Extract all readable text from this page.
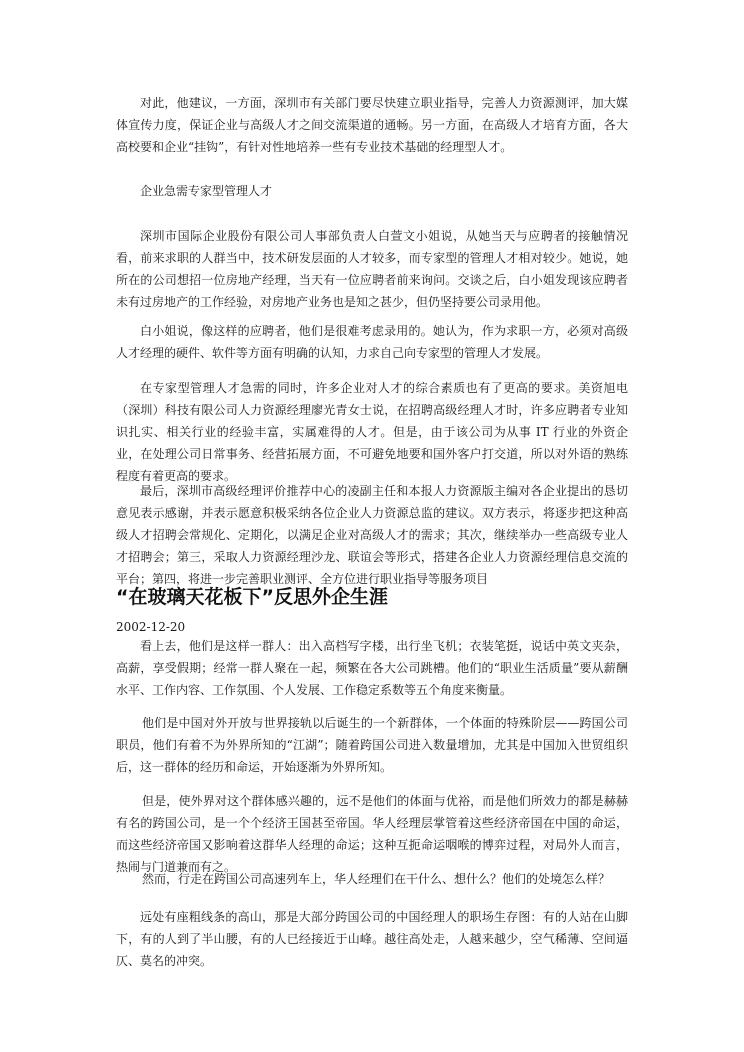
对此，他建议，一方面，深圳市有关部门要尽快建立职业指导，完善人力资源测评，加大媒体宣传力度，保证企业与高级人才之间交流渠道的通畅。另一方面，在高级人才培育方面，各大高校要和企业“挂钩”，有针对性地培养一些有专业技术基础的经理型人才。

企业急需专家型管理人才

深圳市国际企业股份有限公司人事部负责人白萱文小姐说，从她当天与应聘者的接触情况看，前来求职的人群当中，技术研发层面的人才较多，而专家型的管理人才相对较少。她说，她所在的公司想招一位房地产经理，当天有一位应聘者前来询问。交谈之后，白小姐发现该应聘者未有过房地产的工作经验，对房地产业务也是知之甚少，但仍坚持要公司录用他。

白小姐说，像这样的应聘者，他们是很难考虑录用的。她认为，作为求职一方，必须对高级人才经理的硬件、软件等方面有明确的认知，力求自己向专家型的管理人才发展。

在专家型管理人才急需的同时，许多企业对人才的综合素质也有了更高的要求。美资旭电（深圳）科技有限公司人力资源经理廖光青女士说，在招聘高级经理人才时，许多应聘者专业知识扎实、相关行业的经验丰富，实属难得的人才。但是，由于该公司为从事 IT 行业的外资企业，在处理公司日常事务、经营拓展方面，不可避免地要和国外客户打交道，所以对外语的熟练程度有着更高的要求。

最后，深圳市高级经理评价推荐中心的凌副主任和本报人力资源版主编对各企业提出的恳切意见表示感谢，并表示愿意积极采纳各位企业人力资源总监的建议。双方表示，将逐步把这种高级人才招聘会常规化、定期化，以满足企业对高级人才的需求；其次，继续举办一些高级专业人才招聘会；第三，采取人力资源经理沙龙、联谊会等形式，搭建各企业人力资源经理信息交流的平台；第四，将进一步完善职业测评、全方位进行职业指导等服务项目

“在玻璃天花板下”反思外企生涯

2002-12-20

看上去，他们是这样一群人：出入高档写字楼，出行坐飞机；衣装笔挺，说话中英文夹杂，高薪，享受假期；经常一群人聚在一起，频繁在各大公司跳槽。他们的“职业生活质量”要从薪酬水平、工作内容、工作氛围、个人发展、工作稳定系数等五个角度来衡量。

他们是中国对外开放与世界接轨以后诞生的一个新群体，一个体面的特殊阶层——跨国公司职员，他们有着不为外界所知的“江湖”；随着跨国公司进入数量增加，尤其是中国加入世贸组织后，这一群体的经历和命运，开始逐渐为外界所知。

但是，使外界对这个群体感兴趣的，远不是他们的体面与优裕，而是他们所效力的都是赫赫有名的跨国公司，是一个个经济王国甚至帝国。华人经理层掌管着这些经济帝国在中国的命运，而这些经济帝国又影响着这群华人经理的命运；这种互扼命运咽喉的博弈过程，对局外人而言，热闹与门道兼而有之。

然而，行走在跨国公司高速列车上，华人经理们在干什么、想什么？他们的处境怎么样？

远处有座粗线条的高山，那是大部分跨国公司的中国经理人的职场生存图：有的人站在山脚下，有的人到了半山腰，有的人已经接近于山峰。越往高处走，人越来越少，空气稀薄、空间逼仄、莫名的冲突。
